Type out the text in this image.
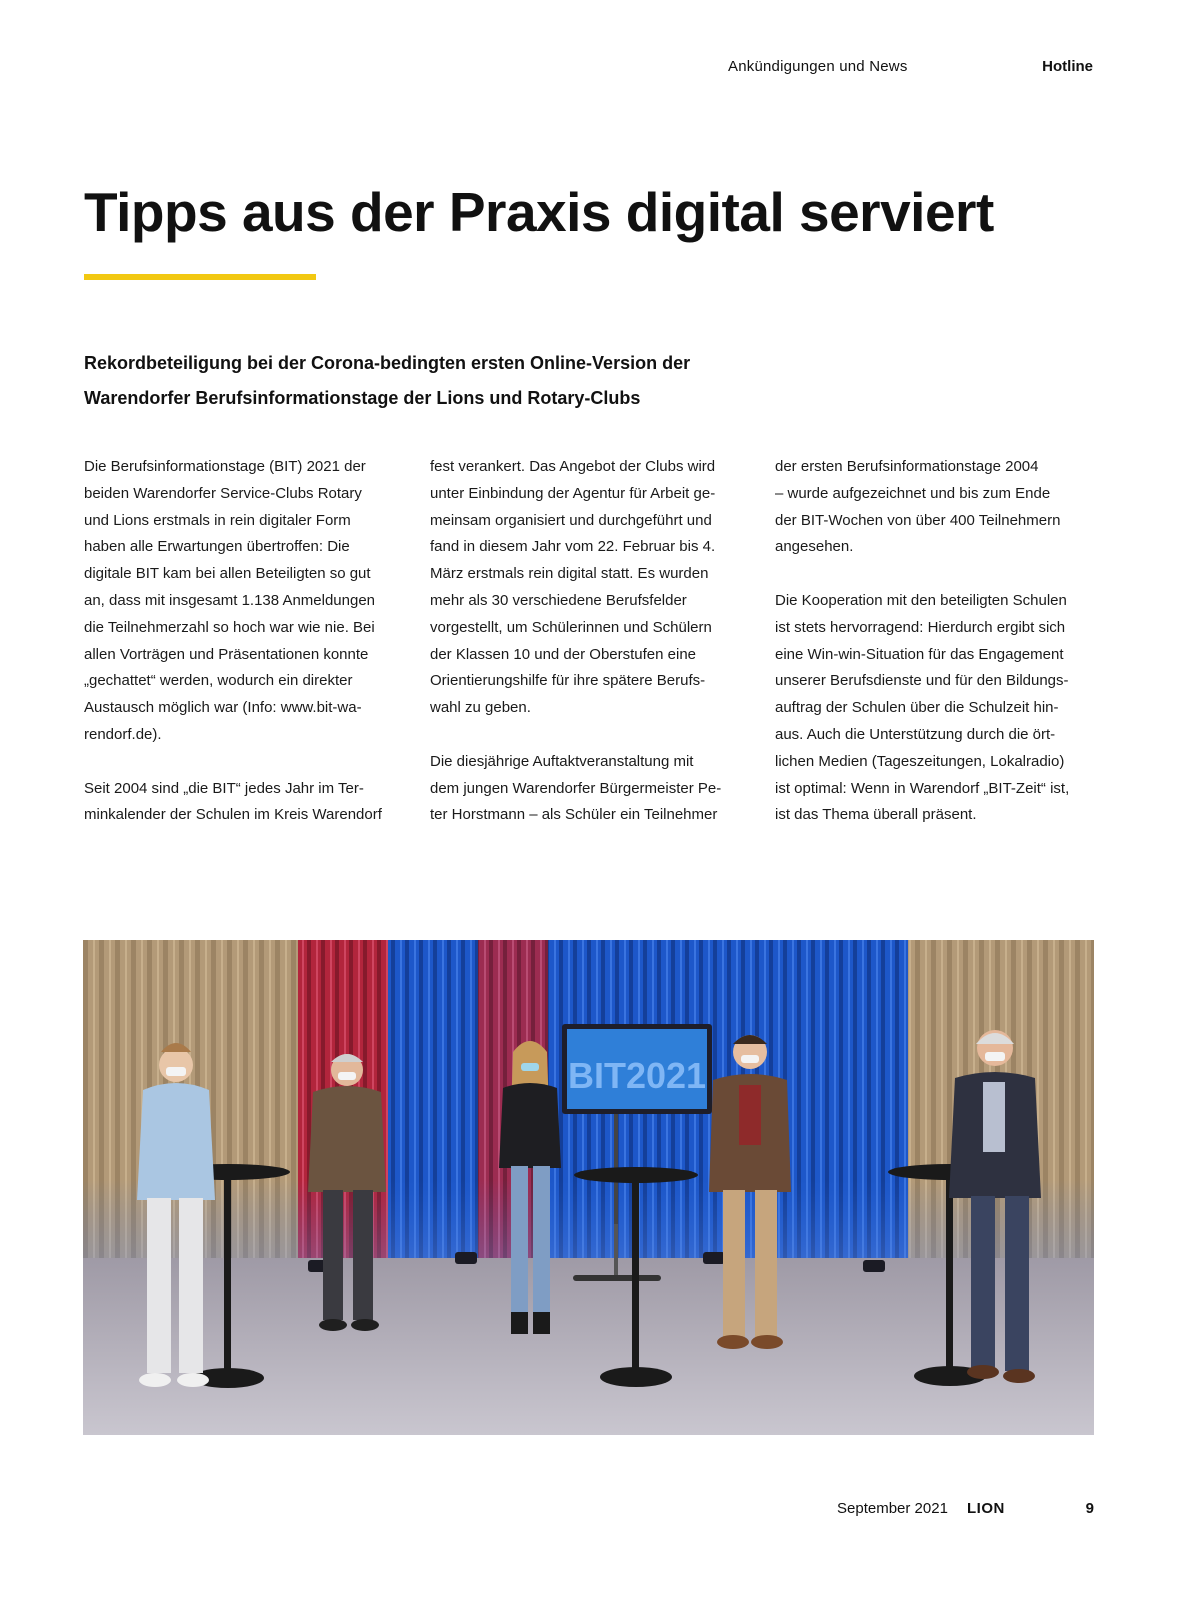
Ankündigungen und News	Hotline
Tipps aus der Praxis digital serviert
Rekordbeteiligung bei der Corona-bedingten ersten Online-Version der
Warendorfer Berufsinformationstage der Lions und Rotary-Clubs

Die Berufsinformationstage (BIT) 2021 der
beiden Warendorfer Service-Clubs Rotary
und Lions erstmals in rein digitaler Form
haben alle Erwartungen übertroffen: Die
digitale BIT kam bei allen Beteiligten so gut
an, dass mit insgesamt 1.138 Anmeldungen
die Teilnehmerzahl so hoch war wie nie. Bei
allen Vorträgen und Präsentationen konnte
„gechattet“ werden, wodurch ein direkter
Austausch möglich war (Info: www.bit-wa-
rendorf.de).

Seit 2004 sind „die BIT“ jedes Jahr im Ter-
minkalender der Schulen im Kreis Warendorf

fest verankert. Das Angebot der Clubs wird
unter Einbindung der Agentur für Arbeit ge-
meinsam organisiert und durchgeführt und
fand in diesem Jahr vom 22. Februar bis 4.
März erstmals rein digital statt. Es wurden
mehr als 30 verschiedene Berufsfelder
vorgestellt, um Schülerinnen und Schülern
der Klassen 10 und der Oberstufen eine
Orientierungshilfe für ihre spätere Berufs-
wahl zu geben.

Die diesjährige Auftaktveranstaltung mit
dem jungen Warendorfer Bürgermeister Pe-
ter Horstmann – als Schüler ein Teilnehmer

der ersten Berufsinformationstage 2004
– wurde aufgezeichnet und bis zum Ende
der BIT-Wochen von über 400 Teilnehmern
angesehen.

Die Kooperation mit den beteiligten Schulen
ist stets hervorragend: Hierdurch ergibt sich
eine Win-win-Situation für das Engagement
unserer Berufsdienste und für den Bildungs-
auftrag der Schulen über die Schulzeit hin-
aus. Auch die Unterstützung durch die ört-
lichen Medien (Tageszeitungen, Lokalradio)
ist optimal: Wenn in Warendorf „BIT-Zeit“ ist,
ist das Thema überall präsent.

BIT2021
September 2021 LION	9
